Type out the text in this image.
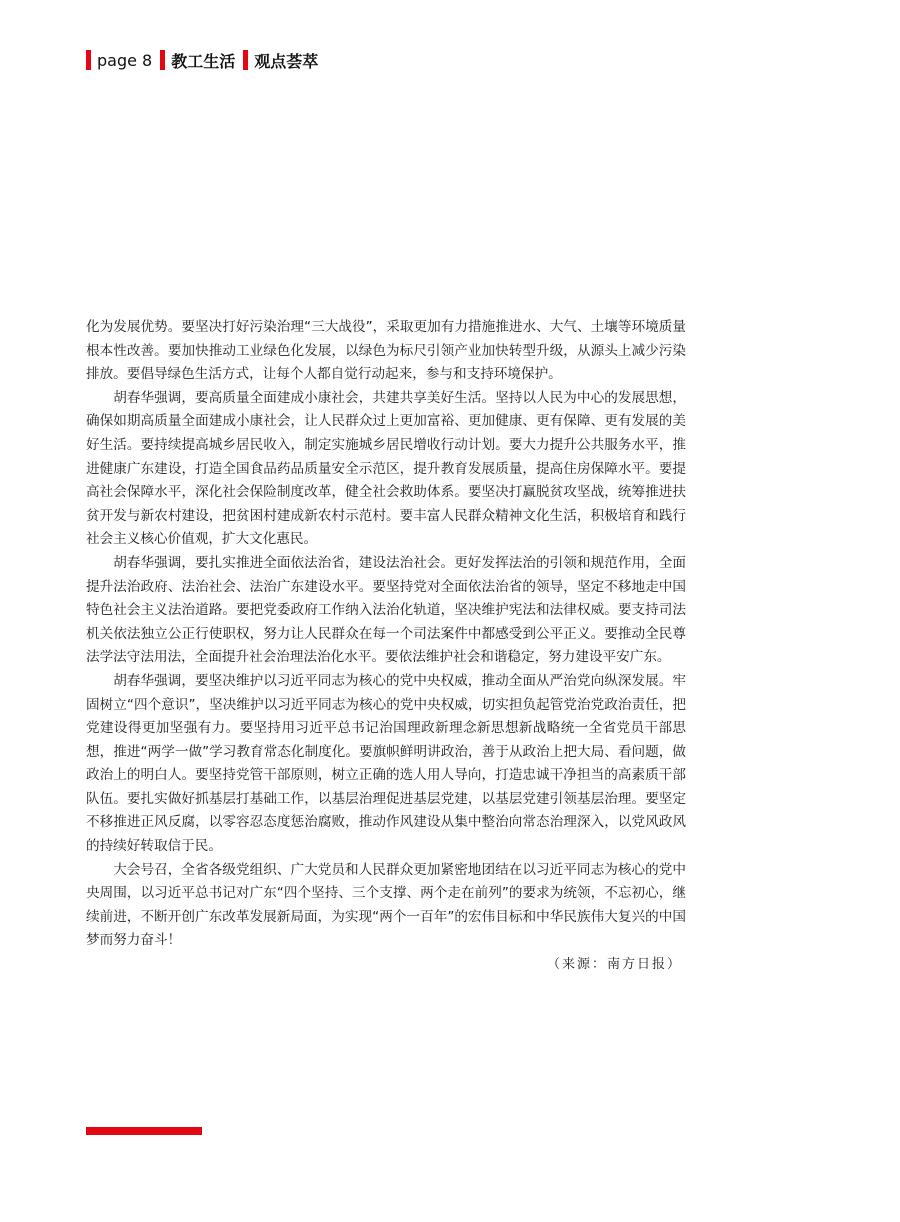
page 8 教工生活 观点荟萃

化为发展优势。要坚决打好污染治理“三大战役”，采取更加有力措施推进水、大气、土壤等环境质量根本性改善。要加快推动工业绿色化发展，以绿色为标尺引领产业加快转型升级，从源头上减少污染排放。要倡导绿色生活方式，让每个人都自觉行动起来，参与和支持环境保护。

胡春华强调，要高质量全面建成小康社会，共建共享美好生活。坚持以人民为中心的发展思想，确保如期高质量全面建成小康社会，让人民群众过上更加富裕、更加健康、更有保障、更有发展的美好生活。要持续提高城乡居民收入，制定实施城乡居民增收行动计划。要大力提升公共服务水平，推进健康广东建设，打造全国食品药品质量安全示范区，提升教育发展质量，提高住房保障水平。要提高社会保障水平，深化社会保险制度改革，健全社会救助体系。要坚决打赢脱贫攻坚战，统筹推进扶贫开发与新农村建设，把贫困村建成新农村示范村。要丰富人民群众精神文化生活，积极培育和践行社会主义核心价值观，扩大文化惠民。

胡春华强调，要扎实推进全面依法治省，建设法治社会。更好发挥法治的引领和规范作用，全面提升法治政府、法治社会、法治广东建设水平。要坚持党对全面依法治省的领导，坚定不移地走中国特色社会主义法治道路。要把党委政府工作纳入法治化轨道，坚决维护宪法和法律权威。要支持司法机关依法独立公正行使职权，努力让人民群众在每一个司法案件中都感受到公平正义。要推动全民尊法学法守法用法，全面提升社会治理法治化水平。要依法维护社会和谐稳定，努力建设平安广东。

胡春华强调，要坚决维护以习近平同志为核心的党中央权威，推动全面从严治党向纵深发展。牢固树立“四个意识”，坚决维护以习近平同志为核心的党中央权威，切实担负起管党治党政治责任，把党建设得更加坚强有力。要坚持用习近平总书记治国理政新理念新思想新战略统一全省党员干部思想，推进“两学一做”学习教育常态化制度化。要旗帜鲜明讲政治，善于从政治上把大局、看问题，做政治上的明白人。要坚持党管干部原则，树立正确的选人用人导向，打造忠诚干净担当的高素质干部队伍。要扎实做好抓基层打基础工作，以基层治理促进基层党建，以基层党建引领基层治理。要坚定不移推进正风反腐，以零容忍态度惩治腐败，推动作风建设从集中整治向常态治理深入，以党风政风的持续好转取信于民。

大会号召，全省各级党组织、广大党员和人民群众更加紧密地团结在以习近平同志为核心的党中央周围，以习近平总书记对广东“四个坚持、三个支撑、两个走在前列”的要求为统领，不忘初心，继续前进，不断开创广东改革发展新局面，为实现“两个一百年”的宏伟目标和中华民族伟大复兴的中国梦而努力奋斗！

（来源：南方日报）
